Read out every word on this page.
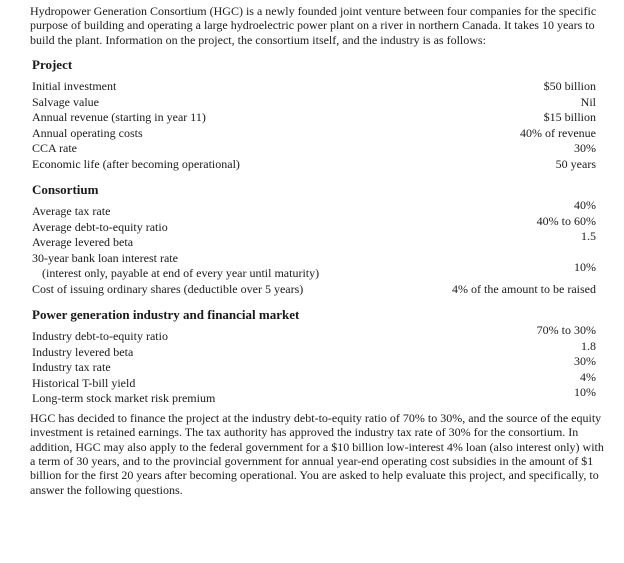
Hydropower Generation Consortium (HGC) is a newly founded joint venture between four companies for the specific purpose of building and operating a large hydroelectric power plant on a river in northern Canada. It takes 10 years to build the plant. Information on the project, the consortium itself, and the industry is as follows:

Project
Initial investment	$50 billion
Salvage value	Nil
Annual revenue (starting in year 11)	$15 billion
Annual operating costs	40% of revenue
CCA rate	30%
Economic life (after becoming operational)	50 years
Consortium
Average tax rate	40%
Average debt-to-equity ratio	40% to 60%
Average levered beta	1.5
30-year bank loan interest rate
(interest only, payable at end of every year until maturity)	10%
Cost of issuing ordinary shares (deductible over 5 years)	4% of the amount to be raised
Power generation industry and financial market
Industry debt-to-equity ratio	70% to 30%
Industry levered beta	1.8
Industry tax rate	30%
Historical T-bill yield	4%
Long-term stock market risk premium	10%

HGC has decided to finance the project at the industry debt-to-equity ratio of 70% to 30%, and the source of the equity investment is retained earnings. The tax authority has approved the industry tax rate of 30% for the consortium. In addition, HGC may also apply to the federal government for a $10 billion low-interest 4% loan (also interest only) with a term of 30 years, and to the provincial government for annual year-end operating cost subsidies in the amount of $1 billion for the first 20 years after becoming operational. You are asked to help evaluate this project, and specifically, to answer the following questions.
